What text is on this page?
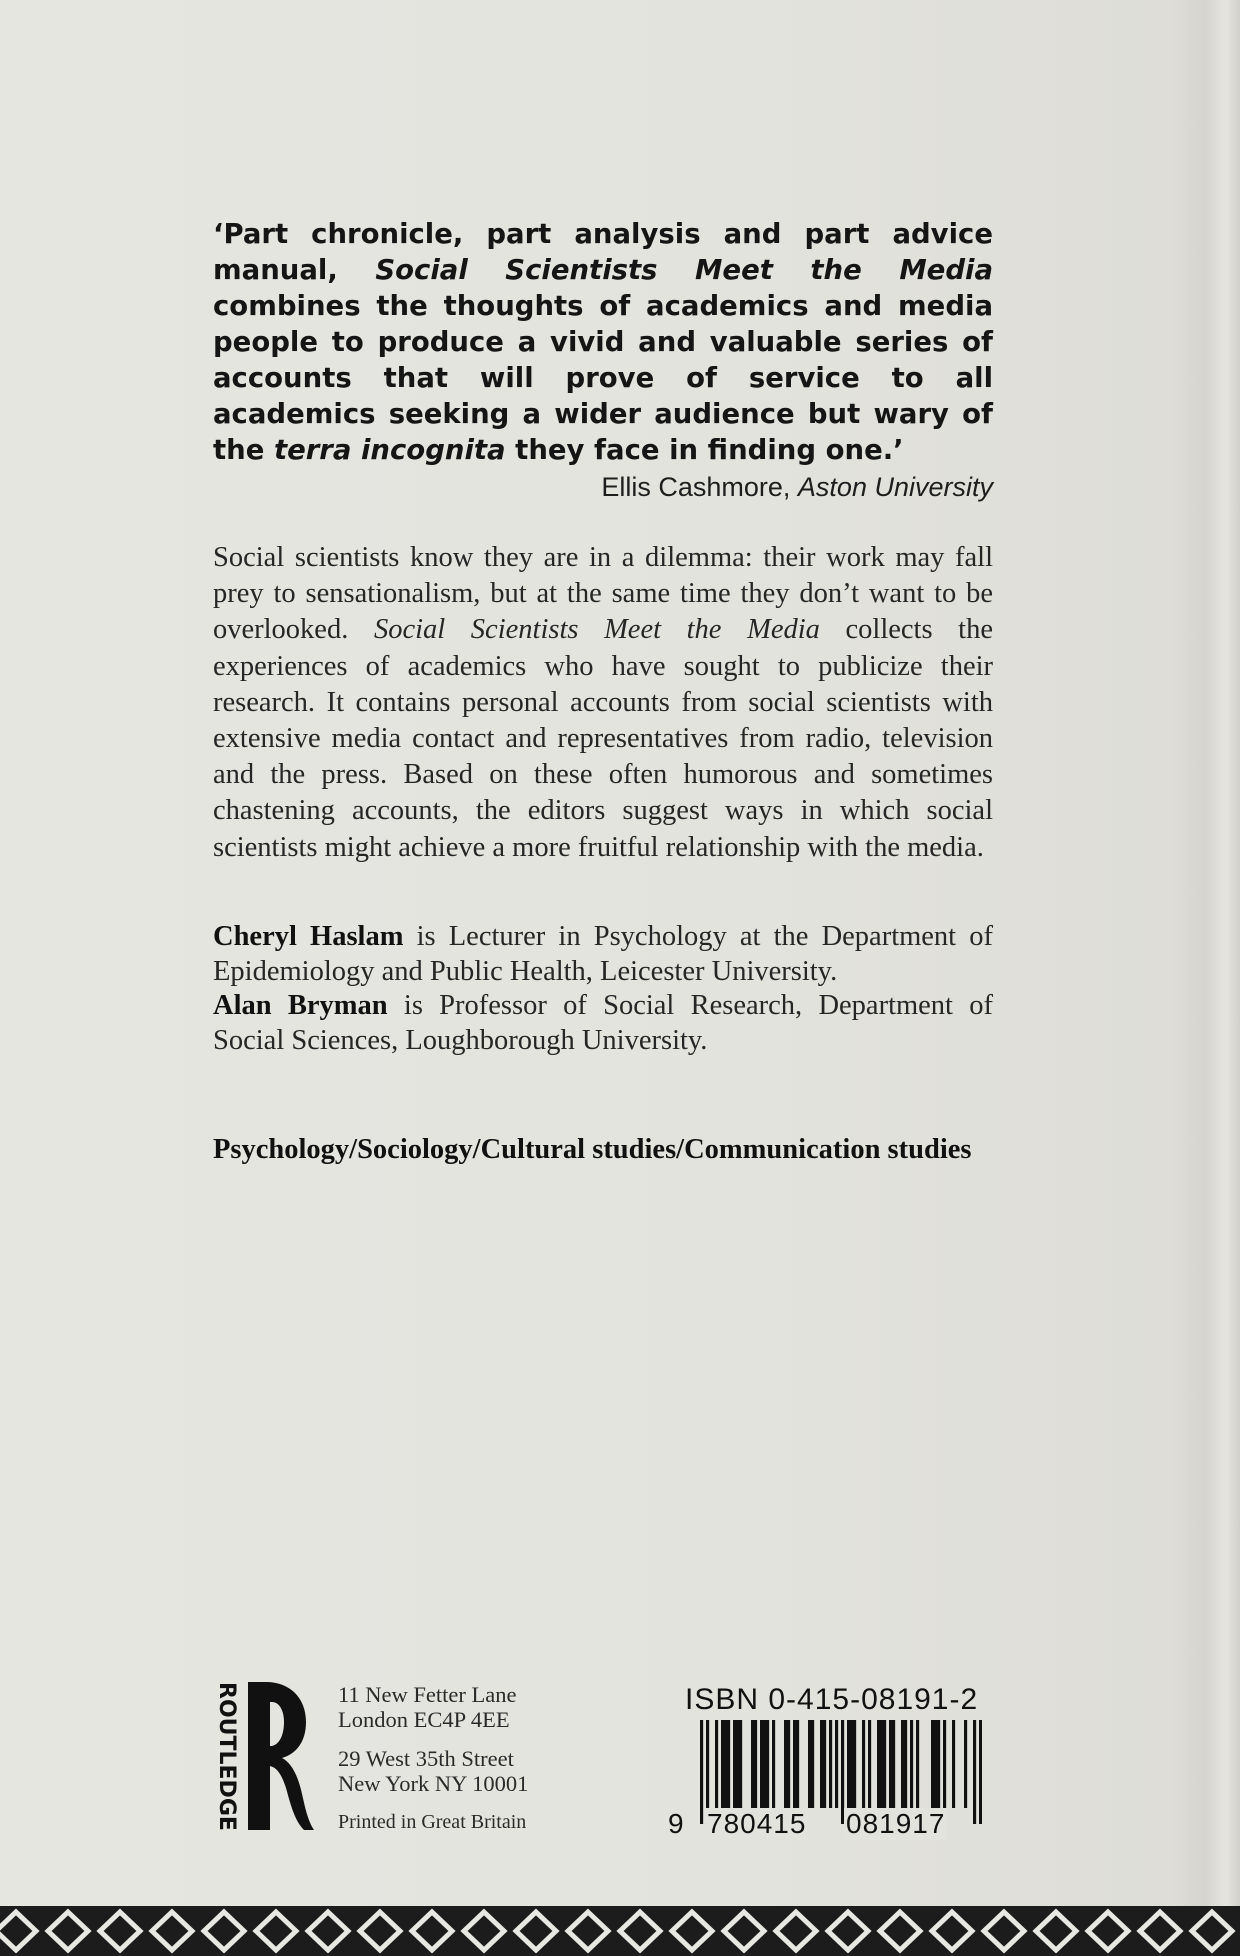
‘Part chronicle, part analysis and part advice manual, Social Scientists Meet the Media combines the thoughts of academics and media people to produce a vivid and valuable series of accounts that will prove of service to all academics seeking a wider audience but wary of the terra incognita they face in finding one.’
Ellis Cashmore, Aston University
Social scientists know they are in a dilemma: their work may fall prey to sensationalism, but at the same time they don’t want to be overlooked. Social Scientists Meet the Media collects the experiences of academics who have sought to publicize their research. It contains personal accounts from social scientists with extensive media contact and representatives from radio, television and the press. Based on these often humorous and sometimes chastening accounts, the editors suggest ways in which social scientists might achieve a more fruitful relationship with the media.
Cheryl Haslam is Lecturer in Psychology at the Department of Epidemiology and Public Health, Leicester University.
Alan Bryman is Professor of Social Research, Department of Social Sciences, Loughborough University.
Psychology/Sociology/Cultural studies/Communication studies
ROUTLEDGE	11 New Fetter Lane
London EC4P 4EE
29 West 35th Street
New York NY 10001
Printed in Great Britain
ISBN 0-415-08191-2
9 780415 081917
